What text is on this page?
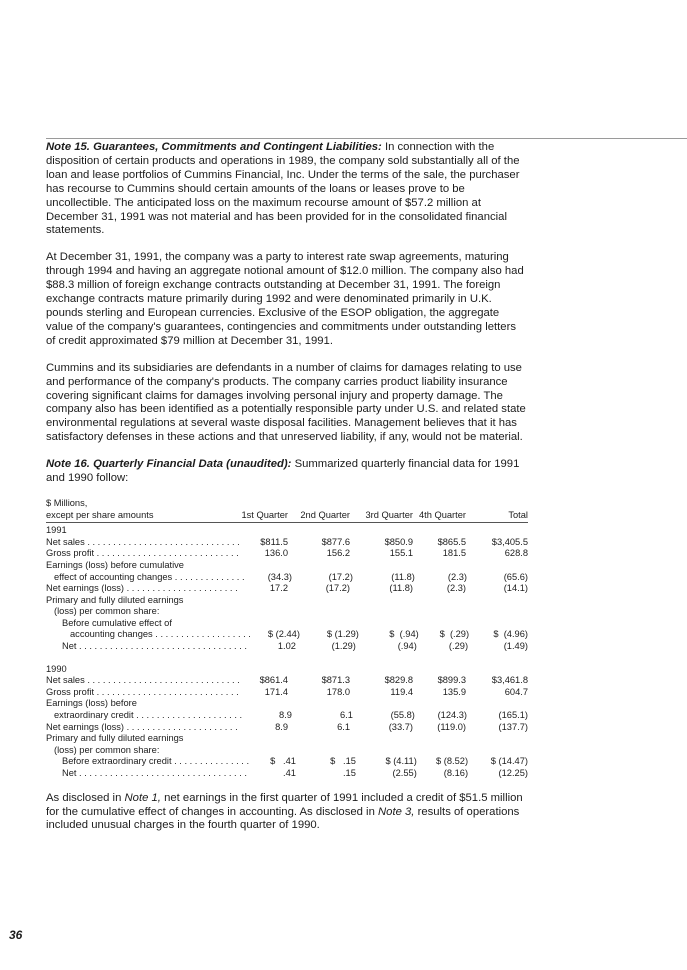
Note 15. Guarantees, Commitments and Contingent Liabilities: In connection with the disposition of certain products and operations in 1989, the company sold substantially all of the loan and lease portfolios of Cummins Financial, Inc. Under the terms of the sale, the purchaser has recourse to Cummins should certain amounts of the loans or leases prove to be uncollectible. The anticipated loss on the maximum recourse amount of $57.2 million at December 31, 1991 was not material and has been provided for in the consolidated financial statements.

At December 31, 1991, the company was a party to interest rate swap agreements, maturing through 1994 and having an aggregate notional amount of $12.0 million. The company also had $88.3 million of foreign exchange contracts outstanding at December 31, 1991. The foreign exchange contracts mature primarily during 1992 and were denominated primarily in U.K. pounds sterling and European currencies. Exclusive of the ESOP obligation, the aggregate value of the company's guarantees, contingencies and commitments under outstanding letters of credit approximated $79 million at December 31, 1991.

Cummins and its subsidiaries are defendants in a number of claims for damages relating to use and performance of the company's products. The company carries product liability insurance covering significant claims for damages involving personal injury and property damage. The company also has been identified as a potentially responsible party under U.S. and related state environmental regulations at several waste disposal facilities. Management believes that it has satisfactory defenses in these actions and that unreserved liability, if any, would not be material.

Note 16. Quarterly Financial Data (unaudited): Summarized quarterly financial data for 1991 and 1990 follow:

$ Millions,
except per share amounts	1st Quarter	2nd Quarter	3rd Quarter 4th Quarter	Total
1991
Net sales . . .	$811.5	$877.6	$850.9	$865.5	$3,405.5
Gross profit . . .	136.0	156.2	155.1	181.5	628.8
Earnings (loss) before cumulative
effect of accounting changes . . .	(34.3)	(17.2)	(11.8)	(2.3)	(65.6)
Net earnings (loss) . . .	17.2	(17.2)	(11.8)	(2.3)	(14.1)
Primary and fully diluted earnings
(loss) per common share:
Before cumulative effect of
accounting changes . . .	$ (2.44)	$ (1.29)	$  (.94)	$  (.29)	$  (4.96)
Net . . .	1.02	(1.29)	(.94)	(.29)	(1.49)
1990
Net sales . . .	$861.4	$871.3	$829.8	$899.3	$3,461.8
Gross profit . . .	171.4	178.0	119.4	135.9	604.7
Earnings (loss) before
extraordinary credit . . .	8.9	6.1	(55.8)	(124.3)	(165.1)
Net earnings (loss) . . .	8.9	6.1	(33.7)	(119.0)	(137.7)
Primary and fully diluted earnings
(loss) per common share:
Before extraordinary credit . . .	$   .41	$   .15	$ (4.11)	$ (8.52)	$ (14.47)
Net . . .	.41	.15	(2.55)	(8.16)	(12.25)

As disclosed in Note 1, net earnings in the first quarter of 1991 included a credit of $51.5 million for the cumulative effect of changes in accounting. As disclosed in Note 3, results of operations included unusual charges in the fourth quarter of 1990.

36
